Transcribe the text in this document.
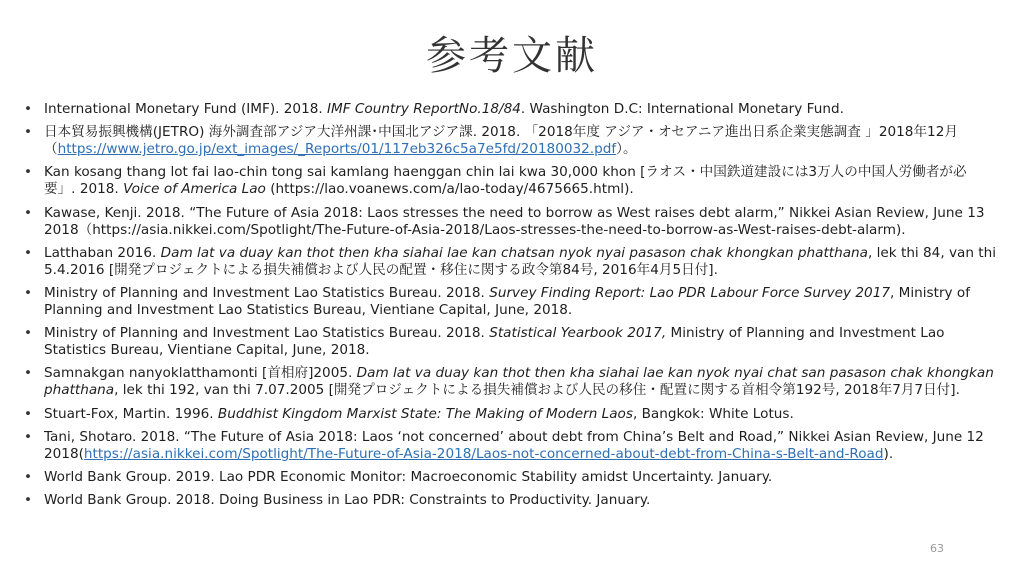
参考文献
• International Monetary Fund (IMF). 2018. IMF Country ReportNo.18/84. Washington D.C: International Monetary Fund.
• 日本貿易振興機構(JETRO) 海外調査部アジア大洋州課･中国北アジア課. 2018. 「2018年度 アジア・オセアニア進出日系企業実態調査 」2018年12月（https://www.jetro.go.jp/ext_images/_Reports/01/117eb326c5a7e5fd/20180032.pdf）。
• Kan kosang thang lot fai lao-chin tong sai kamlang haenggan chin lai kwa 30,000 khon [ラオス・中国鉄道建設には3万人の中国人労働者が必要」. 2018. Voice of America Lao (https://lao.voanews.com/a/lao-today/4675665.html).
• Kawase, Kenji. 2018. “The Future of Asia 2018: Laos stresses the need to borrow as West raises debt alarm,” Nikkei Asian Review, June 13 2018（https://asia.nikkei.com/Spotlight/The-Future-of-Asia-2018/Laos-stresses-the-need-to-borrow-as-West-raises-debt-alarm).
• Latthaban 2016. Dam lat va duay kan thot then kha siahai lae kan chatsan nyok nyai pasason chak khongkan phatthana, lek thi 84, van thi 5.4.2016 [開発プロジェクトによる損失補償および人民の配置・移住に関する政令第84号, 2016年4月5日付].
• Ministry of Planning and Investment Lao Statistics Bureau. 2018. Survey Finding Report: Lao PDR Labour Force Survey 2017, Ministry of Planning and Investment Lao Statistics Bureau, Vientiane Capital, June, 2018.
• Ministry of Planning and Investment Lao Statistics Bureau. 2018. Statistical Yearbook 2017, Ministry of Planning and Investment Lao Statistics Bureau, Vientiane Capital, June, 2018.
• Samnakgan nanyoklatthamonti [首相府]2005. Dam lat va duay kan thot then kha siahai lae kan nyok nyai chat san pasason chak khongkan phatthana, lek thi 192, van thi 7.07.2005 [開発プロジェクトによる損失補償および人民の移住・配置に関する首相令第192号, 2018年7月7日付].
• Stuart-Fox, Martin. 1996. Buddhist Kingdom Marxist State: The Making of Modern Laos, Bangkok: White Lotus.
• Tani, Shotaro. 2018. “The Future of Asia 2018: Laos ‘not concerned’ about debt from China’s Belt and Road,” Nikkei Asian Review, June 12　2018(https://asia.nikkei.com/Spotlight/The-Future-of-Asia-2018/Laos-not-concerned-about-debt-from-China-s-Belt-and-Road).
• World Bank Group. 2019. Lao PDR Economic Monitor: Macroeconomic Stability amidst Uncertainty. January.
• World Bank Group. 2018. Doing Business in Lao PDR: Constraints to Productivity. January.
63
